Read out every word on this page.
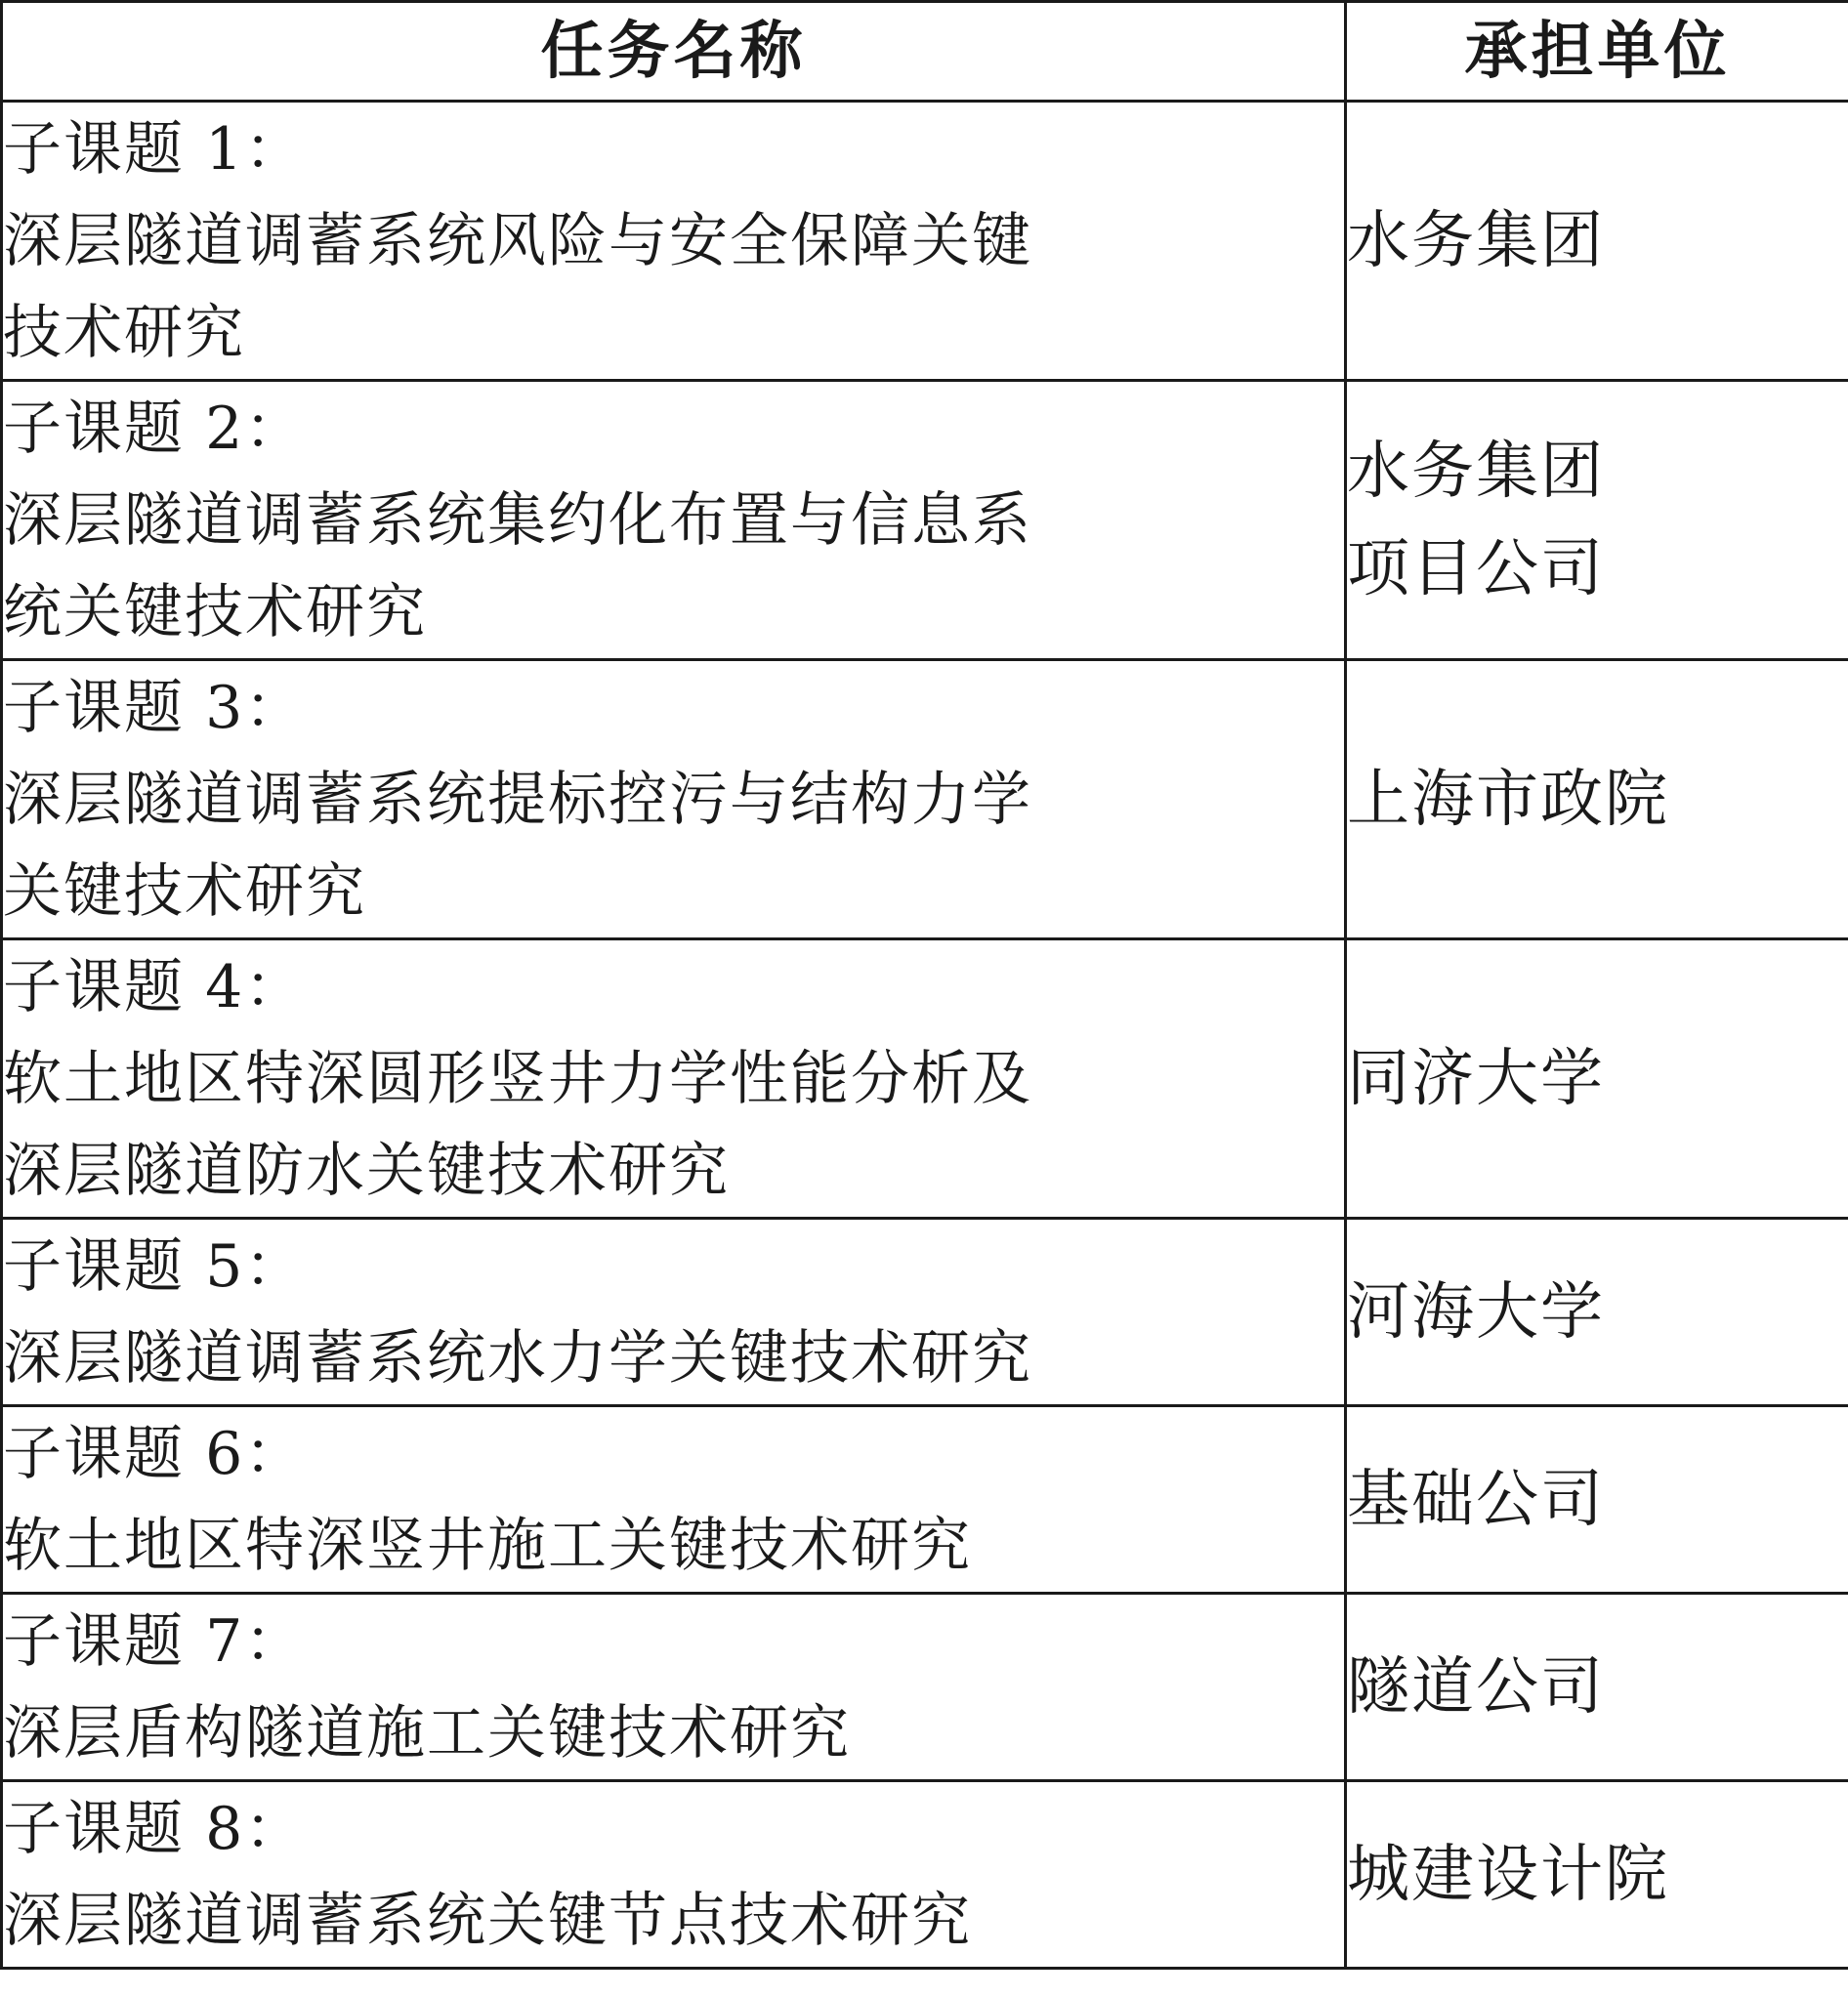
任务名称	承担单位

子课题 1：
深层隧道调蓄系统风险与安全保障关键
技术研究	水务集团

子课题 2：
深层隧道调蓄系统集约化布置与信息系
统关键技术研究	水务集团
项目公司

子课题 3：
深层隧道调蓄系统提标控污与结构力学
关键技术研究	上海市政院

子课题 4：
软土地区特深圆形竖井力学性能分析及
深层隧道防水关键技术研究	同济大学

子课题 5：
深层隧道调蓄系统水力学关键技术研究	河海大学

子课题 6：
软土地区特深竖井施工关键技术研究	基础公司

子课题 7：
深层盾构隧道施工关键技术研究	隧道公司

子课题 8：
深层隧道调蓄系统关键节点技术研究	城建设计院
